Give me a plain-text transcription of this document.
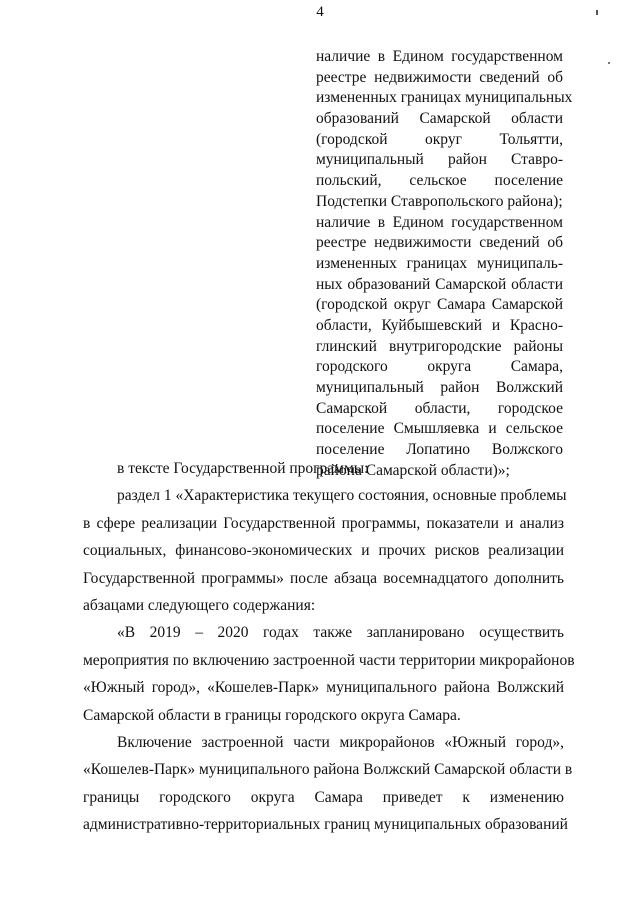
4
наличие в Едином государственном
реестре недвижимости сведений об
измененных границах муниципальных
образований Самарской области
(городской округ Тольятти,
муниципальный район Ставро-
польский, сельское поселение
Подстепки Ставропольского района);
наличие в Едином государственном
реестре недвижимости сведений об
измененных границах муниципаль-
ных образований Самарской области
(городской округ Самара Самарской
области, Куйбышевский и Красно-
глинский внутригородские районы
городского округа Самара,
муниципальный район Волжский
Самарской области, городское
поселение Смышляевка и сельское
поселение Лопатино Волжского
района Самарской области)»;
в тексте Государственной программы:
раздел 1 «Характеристика текущего состояния, основные проблемы
в сфере реализации Государственной программы, показатели и анализ
социальных, финансово-экономических и прочих рисков реализации
Государственной программы» после абзаца восемнадцатого дополнить
абзацами следующего содержания:
«В 2019 – 2020 годах также запланировано осуществить
мероприятия по включению застроенной части территории микрорайонов
«Южный город», «Кошелев-Парк» муниципального района Волжский
Самарской области в границы городского округа Самара.
Включение застроенной части микрорайонов «Южный город»,
«Кошелев-Парк» муниципального района Волжский Самарской области в
границы городского округа Самара приведет к изменению
административно-территориальных границ муниципальных образований
